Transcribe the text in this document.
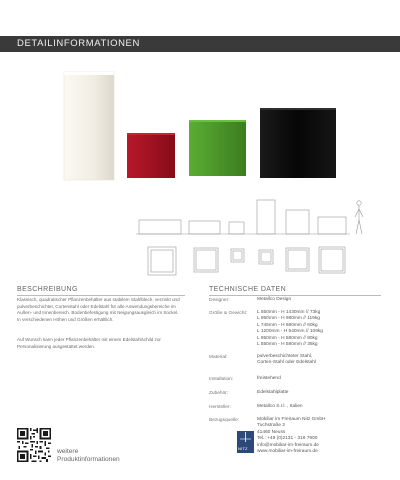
DETAILINFORMATIONEN
BESCHREIBUNG
Klassisch, quadratischer Pflanzenbehälter aus stabilem Stahlblech, verzinkt und pulverbeschichtet, Cortenstahl oder Edelstahl für alle Anwendungsbereiche im Außen- und Innenbereich. Bodenbefestigung mit Neigungsausgleich im Sockel. In verschiedenen Höhen und Größen erhältlich.
Auf Wunsch kann jeder Pflanzenbehälter mit einem Edelstahlschild zur Personalisierung ausgestattet werden.
TECHNISCHE DATEN
Designer:	Metallco Design
Größe & Gewicht: L 550mm - H 1430mm // 73kg
L 950mm - H 980mm // 119kg
L 745mm - H 680mm // 60kg
L 1200mm - H 540mm // 109kg
L 950mm - H 580mm // 80kg
L 550mm - H 580mm // 35kg
Material:	pulverbeschichteter Stahl,
Corten-Stahl oder Edelstahl
Installation:	freistehend
Zubehör:	Edelstahlplatte
Hersteller:	Metallco S.r.l. , Italien
Bezugsquelle:	Mobiliar im Freiraum Nitz GmbH
Tuchstraße 2
41460 Neuss
Tel.: +49 (0)2131 - 316 7900
info@mobiliar-im-freiraum.de
www.mobiliar-im-freiraum.de
NITZ
weitere
Produktinformationen
